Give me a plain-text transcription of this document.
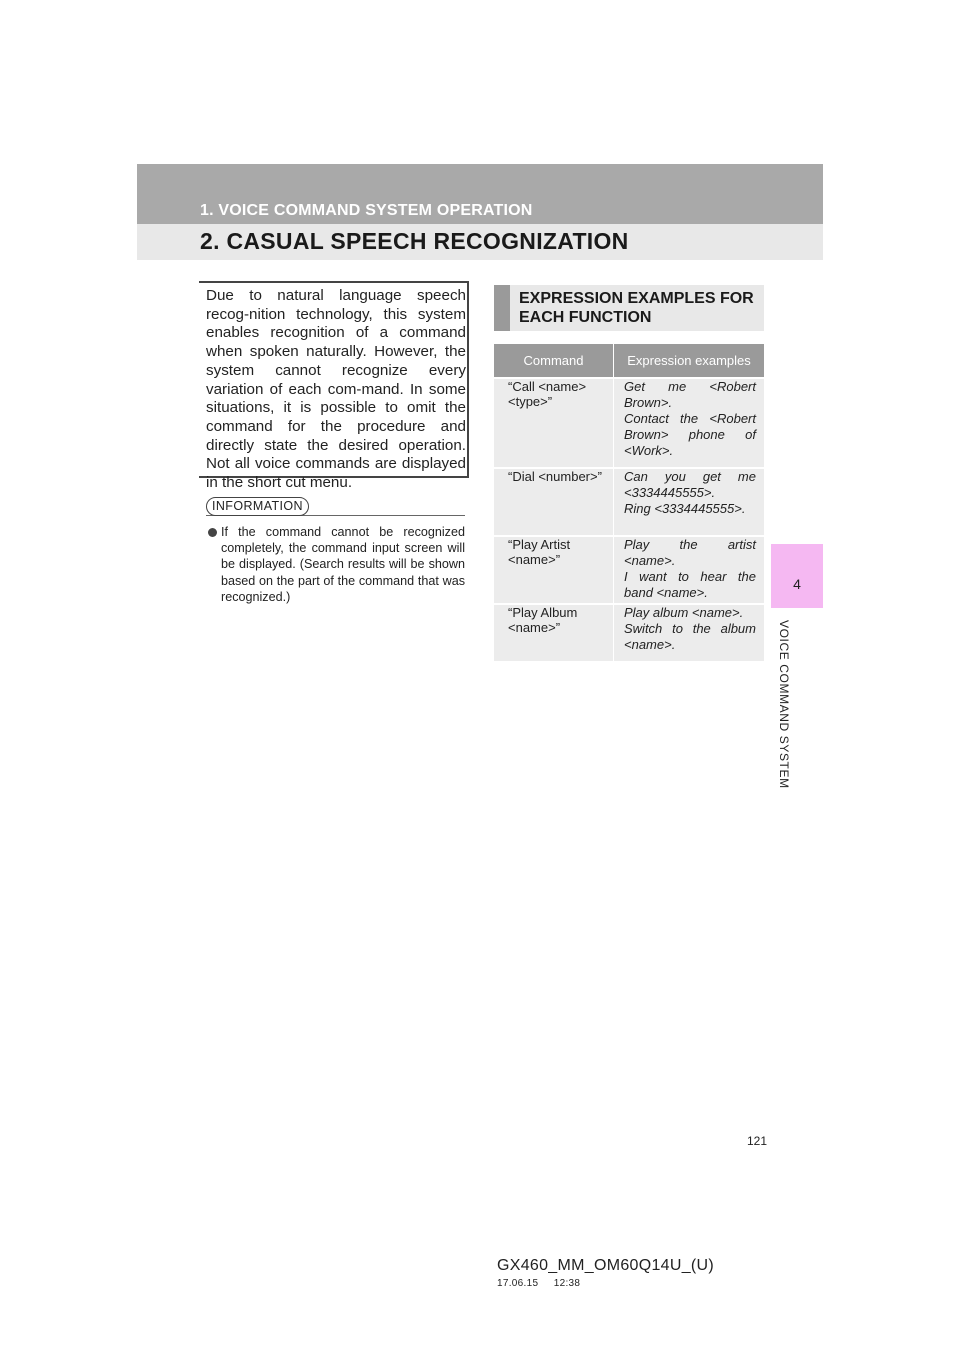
1. VOICE COMMAND SYSTEM OPERATION
2. CASUAL SPEECH RECOGNIZATION
4
VOICE COMMAND SYSTEM
Due to natural language speech recog-nition technology, this system enables recognition of a command when spoken naturally. However, the system cannot recognize every variation of each com-mand. In some situations, it is possible to omit the command for the procedure and directly state the desired operation. Not all voice commands are displayed in the short cut menu.
INFORMATION
If the command cannot be recognized completely, the command input screen will be displayed. (Search results will be shown based on the part of the command that was recognized.)
EXPRESSION EXAMPLES FOR EACH FUNCTION
Command	Expression examples
“Call <name> <type>”	Get me <Robert Brown>.
Contact the <Robert Brown> phone of <Work>.

“Dial <number>”	Can you get me <3334445555>.
Ring <3334445555>.

“Play Artist <name>”	Play the artist <name>.
I want to hear the band <name>.

“Play Album <name>”	Play album <name>.
Switch to the album <name>.
121
GX460_MM_OM60Q14U_(U)
17.06.15     12:38
